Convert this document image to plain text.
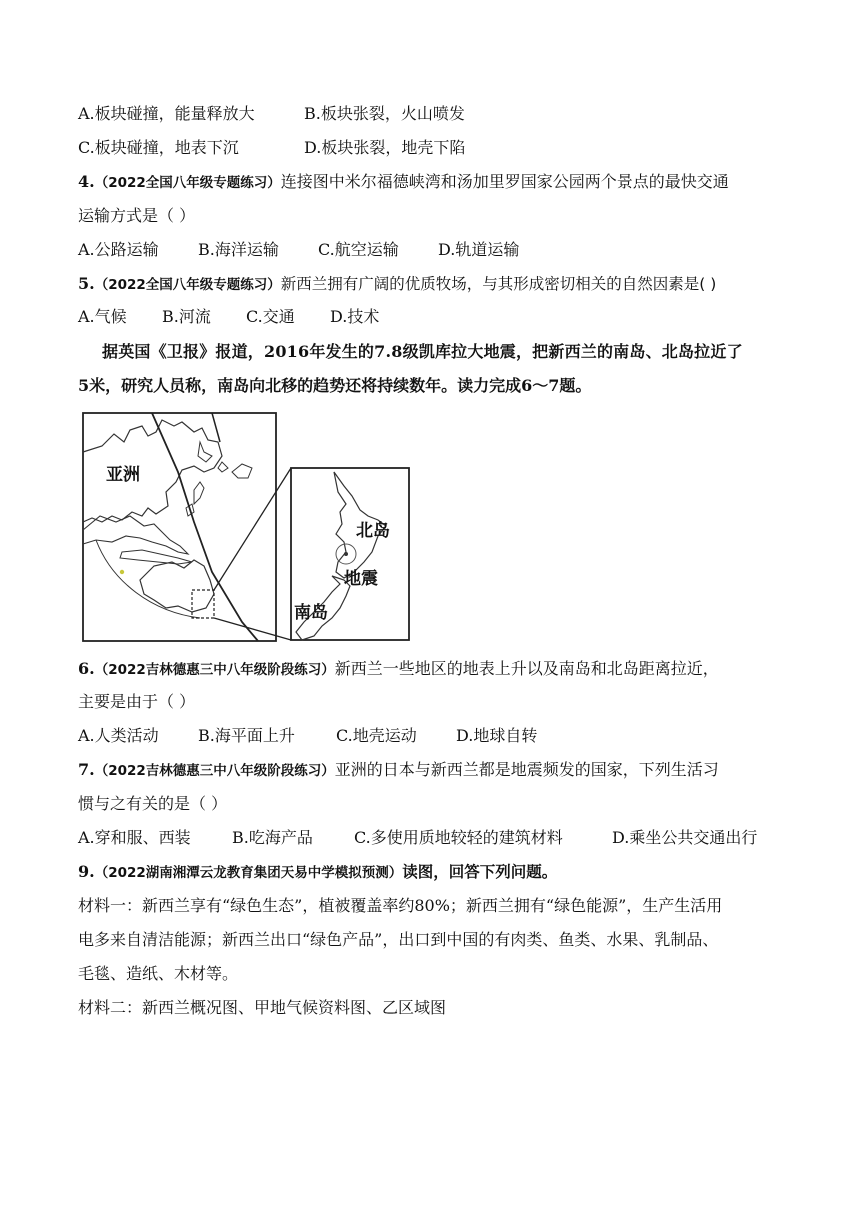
A.板块碰撞，能量释放大	B.板块张裂，火山喷发
C.板块碰撞，地表下沉	D.板块张裂，地壳下陷
4.（2022全国八年级专题练习）连接图中米尔福德峡湾和汤加里罗国家公园两个景点的最快交通
运输方式是（ ）
A.公路运输 B.海洋运输 C.航空运输 D.轨道运输
5.（2022全国八年级专题练习）新西兰拥有广阔的优质牧场，与其形成密切相关的自然因素是( )
A.气候 B.河流 C.交通 D.技术
据英国《卫报》报道，2016年发生的7.8级凯库拉大地震，把新西兰的南岛、北岛拉近了
5米，研究人员称，南岛向北移的趋势还将持续数年。读力完成6～7题。
亚洲
北岛
地震
南岛
6.（2022吉林德惠三中八年级阶段练习）新西兰一些地区的地表上升以及南岛和北岛距离拉近，
主要是由于（ ）
A.人类活动 B.海平面上升	C.地壳运动 D.地球自转
7.（2022吉林德惠三中八年级阶段练习）亚洲的日本与新西兰都是地震频发的国家，下列生活习
惯与之有关的是（ ）
A.穿和服、西装	B.吃海产品	C.多使用质地较轻的建筑材料	D.乘坐公共交通出行
9.（2022湖南湘潭云龙教育集团天易中学模拟预测）读图，回答下列问题。
材料一：新西兰享有“绿色生态”，植被覆盖率约80%；新西兰拥有“绿色能源”，生产生活用
电多来自清洁能源；新西兰出口“绿色产品”，出口到中国的有肉类、鱼类、水果、乳制品、
毛毯、造纸、木材等。
材料二：新西兰概况图、甲地气候资料图、乙区域图
